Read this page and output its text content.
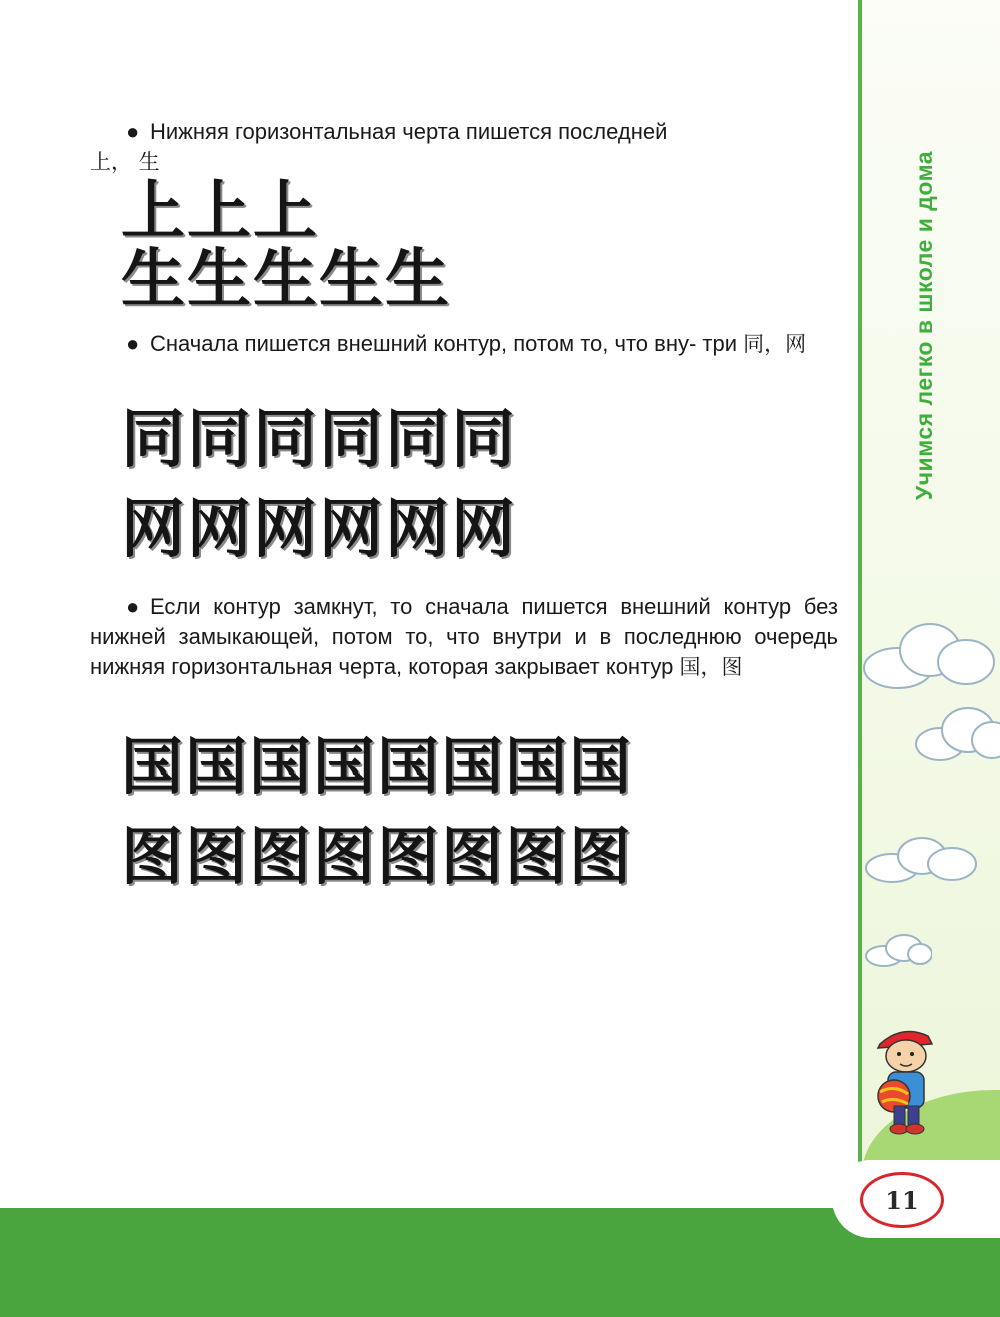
● Нижняя горизонтальная черта пишется последней
上， 生
上 上 上
生 生 生 生 生
● Сначала пишется внешний контур, потом то, что вну- три 同，网
同 同 同 同 同 同
网 网 网 网 网 网
● Если контур замкнут, то сначала пишется внешний контур без нижней замыкающей, потом то, что внутри и в последнюю очередь нижняя горизонтальная черта, которая закрывает контур 国，图
国 国 国 国 国 国 国 国
图 图 图 图 图 图 图 图
Учимся легко в школе и дома
11
